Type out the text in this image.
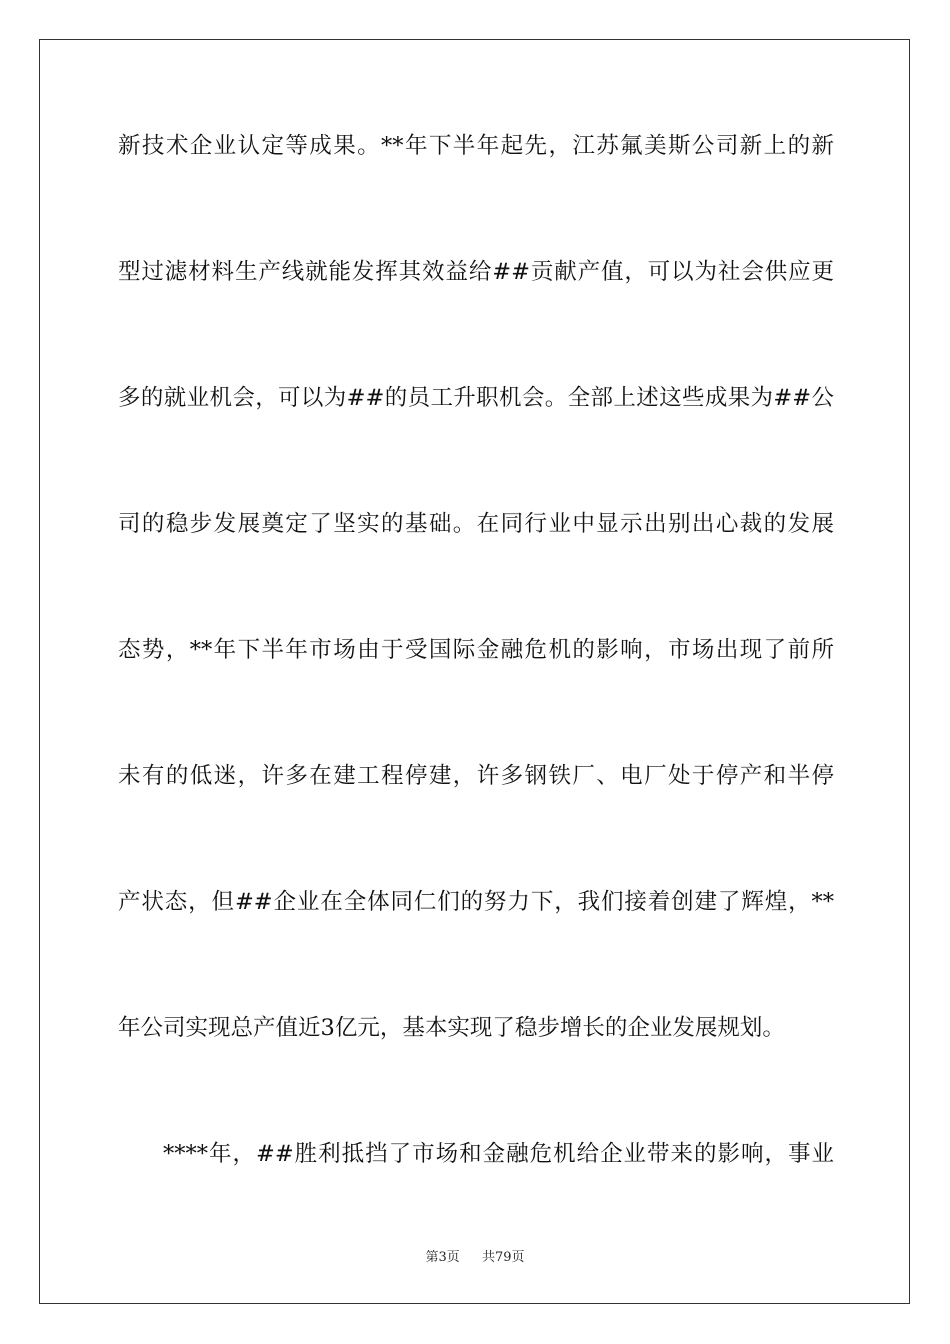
新技术企业认定等成果。**年下半年起先，江苏氟美斯公司新上的新
型过滤材料生产线就能发挥其效益给##贡献产值，可以为社会供应更
多的就业机会，可以为##的员工升职机会。全部上述这些成果为##公
司的稳步发展奠定了坚实的基础。在同行业中显示出别出心裁的发展
态势，**年下半年市场由于受国际金融危机的影响，市场出现了前所
未有的低迷，许多在建工程停建，许多钢铁厂、电厂处于停产和半停
产状态，但##企业在全体同仁们的努力下，我们接着创建了辉煌，**
年公司实现总产值近3亿元，基本实现了稳步增长的企业发展规划。
****年，##胜利抵挡了市场和金融危机给企业带来的影响，事业
第3页 共79页
